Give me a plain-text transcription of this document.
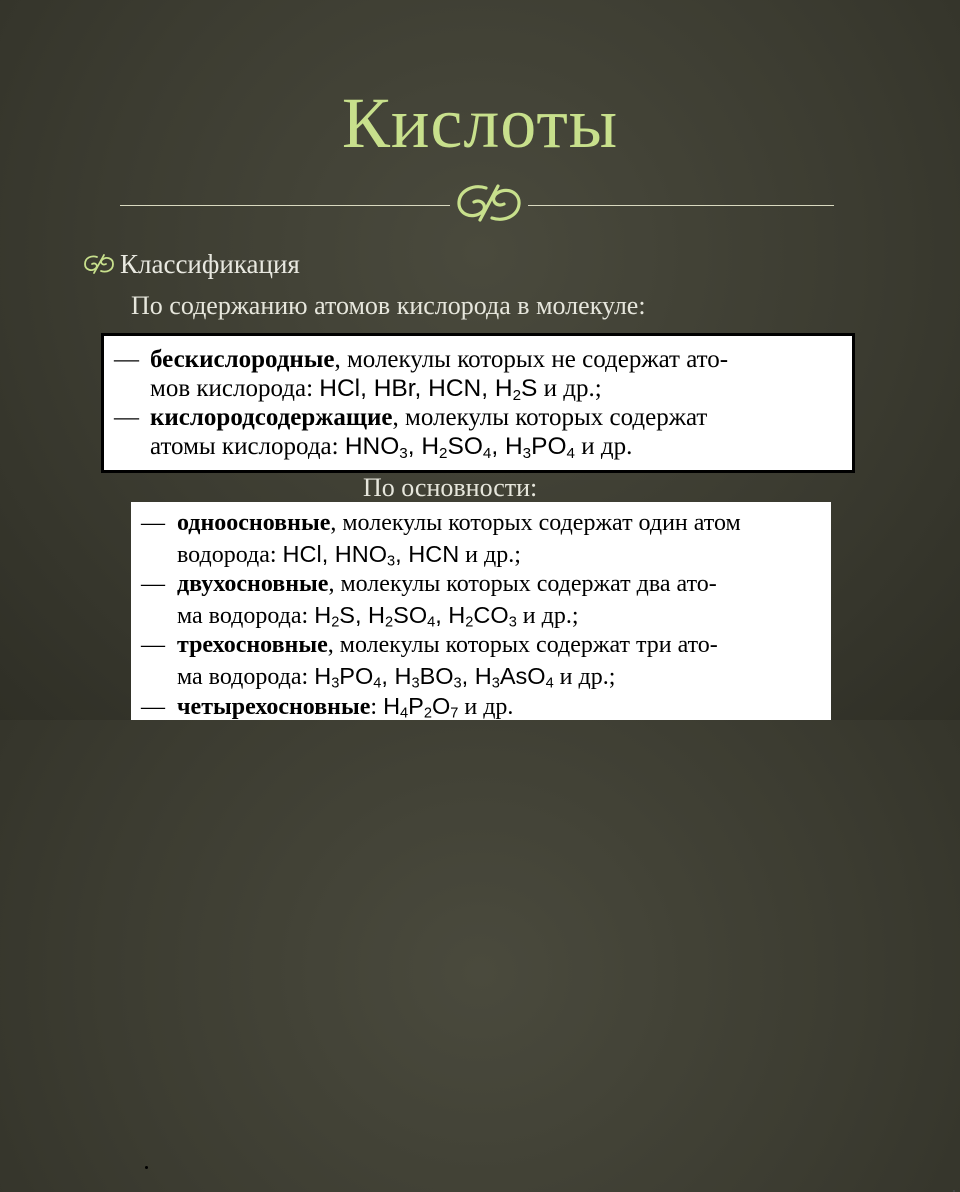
Кислоты
Классификация
По содержанию атомов кислорода в молекуле:
— бескислородные, молекулы которых не содержат ато-
мов кислорода: HCl, HBr, HCN, $H_2S$ и др.;
— кислородсодержащие, молекулы которых содержат
атомы кислорода: $HNO_3$, $H_2SO_4$, $H_3PO_4$ и др.
По основности:
— одноосновные, молекулы которых содержат один атом
водорода: HCl, $HNO_3$, HCN и др.;
— двухосновные, молекулы которых содержат два ато-
ма водорода: $H_2S$, $H_2SO_4$, $H_2CO_3$ и др.;
— трехосновные, молекулы которых содержат три ато-
ма водорода: $H_3PO_4$, $H_3BO_3$, $H_3AsO_4$ и др.;
— четырехосновные: $H_4P_2O_7$ и др.
